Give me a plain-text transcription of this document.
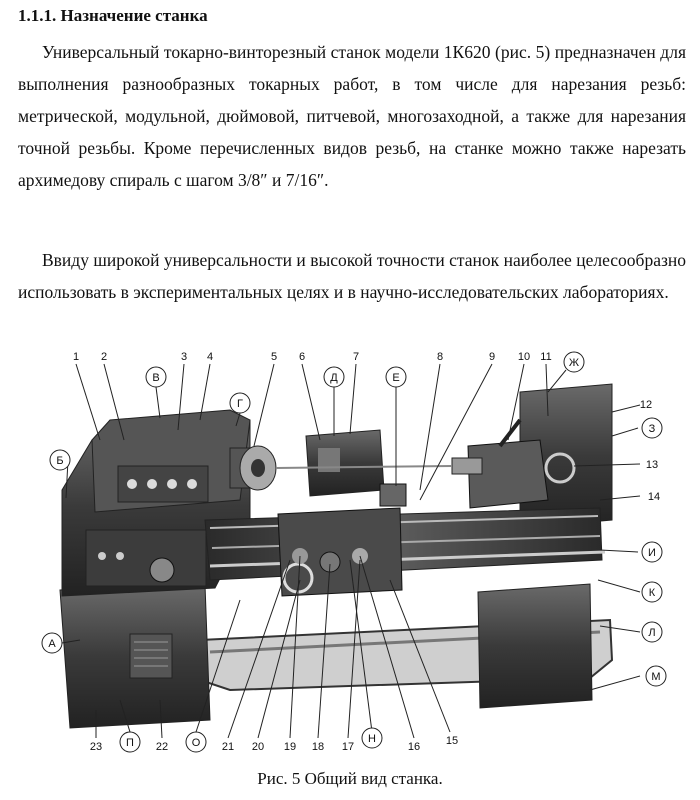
1.1.1. Назначение станка

Универсальный токарно-винторезный станок модели 1К620 (рис. 5) предназначен для выполнения разнообразных токарных работ, в том числе для нарезания резьб: метрической, модульной, дюймовой, питчевой, многозаходной, а также для нарезания точной резьбы. Кроме перечисленных видов резьб, на станке можно также нарезать архимедову спираль с шагом 3/8″ и 7/16″.

Ввиду широкой универсальности и высокой точности станок наиболее целесообразно использовать в экспериментальных целях и в научно-исследовательских лабораториях.

1 2	3 4	5 6	7	8	9 10 11
12
13
14
23	22	21 20 19 18 17	16 15
А
Б
В
Г
Д	Е
Ж
З
И
К
Л
М
Н
О
П
Рис. 5 Общий вид станка.
